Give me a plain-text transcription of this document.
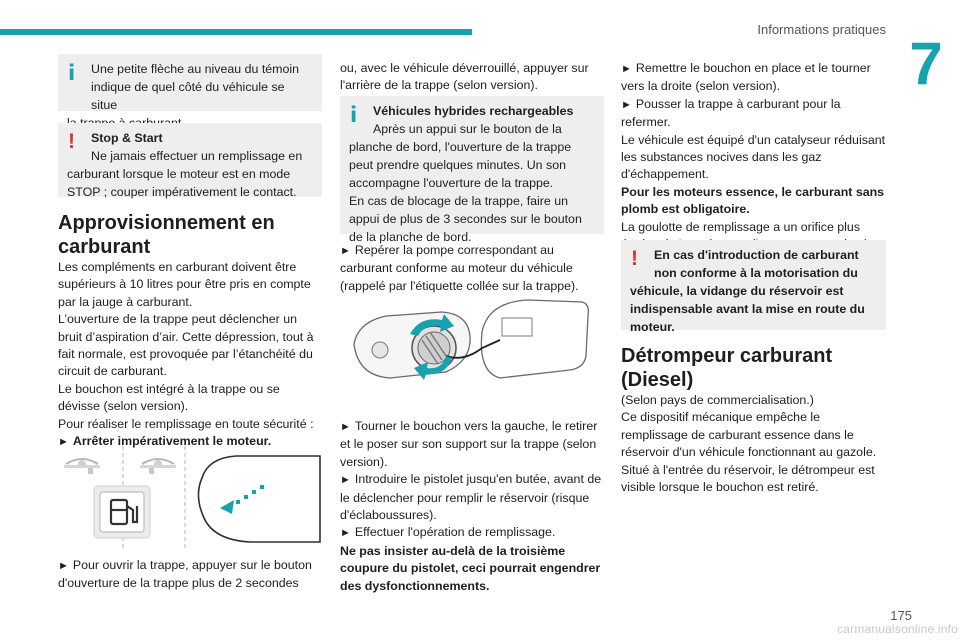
Informations pratiques
7
i	Une petite flèche au niveau du témoin indique de quel côté du véhicule se situe
!	Stop & Start
Ne jamais effectuer un remplissage en
carburant lorsque le moteur est en mode STOP ; couper impérativement le contact.
Approvisionnement en carburant

Les compléments en carburant doivent être supérieurs à 10 litres pour être pris en compte par la jauge à carburant.

L’ouverture de la trappe peut déclencher un bruit d’aspiration d’air. Cette dépression, tout à fait normale, est provoquée par l’étanchéité du circuit de carburant.

Le bouchon est intégré à la trappe ou se dévisse (selon version).

Pour réaliser le remplissage en toute sécurité :

► Arrêter impérativement le moteur.

► Pour ouvrir la trappe, appuyer sur le bouton d'ouverture de la trappe plus de 2 secondes

ou, avec le véhicule déverrouillé, appuyer sur l'arrière de la trappe (selon version).

i	Véhicules hybrides rechargeables
Après un appui sur le bouton de la
planche de bord, l'ouverture de la trappe peut prendre quelques minutes. Un son accompagne l'ouverture de la trappe.
En cas de blocage de la trappe, faire un appui de plus de 3 secondes sur le bouton de la planche de bord.

► Repérer la pompe correspondant au carburant conforme au moteur du véhicule (rappelé par l'étiquette collée sur la trappe).

► Tourner le bouchon vers la gauche, le retirer et le poser sur son support sur la trappe (selon version).

► Introduire le pistolet jusqu'en butée, avant de le déclencher pour remplir le réservoir (risque d'éclaboussures).

► Effectuer l'opération de remplissage.

Ne pas insister au-delà de la troisième coupure du pistolet, ceci pourrait engendrer des dysfonctionnements.

► Remettre le bouchon en place et le tourner vers la droite (selon version).

► Pousser la trappe à carburant pour la refermer.

Le véhicule est équipé d'un catalyseur réduisant les substances nocives dans les gaz d'échappement.

Pour les moteurs essence, le carburant sans plomb est obligatoire.

La goulotte de remplissage a un orifice plus

!	En cas d'introduction de carburant
non conforme à la motorisation du
véhicule, la vidange du réservoir est indispensable avant la mise en route du moteur.
Détrompeur carburant (Diesel)

(Selon pays de commercialisation.)

Ce dispositif mécanique empêche le remplissage de carburant essence dans le réservoir d'un véhicule fonctionnant au gazole.

Situé à l'entrée du réservoir, le détrompeur est visible lorsque le bouchon est retiré.

175
carmanualsonline.info
